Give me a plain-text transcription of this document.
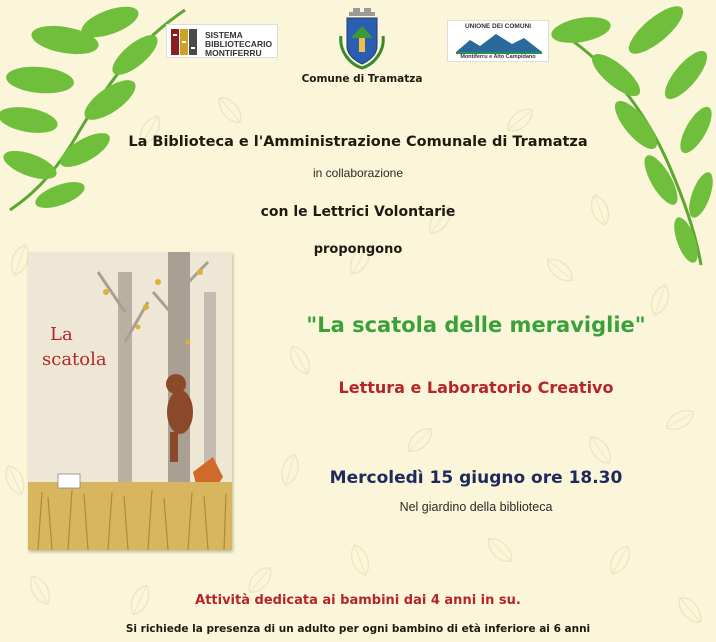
SISTEMA
BIBLIOTECARIO
MONTIFERRU
Comune di Tramatza
UNIONE DEI COMUNI
Montiferru e Alto Campidano
La Biblioteca e l'Amministrazione Comunale di Tramatza
in collaborazione
con le Lettrici Volontarie
propongono
La
scatola
"La scatola delle meraviglie"
Lettura e Laboratorio Creativo
Mercoledì 15 giugno ore 18.30
Nel giardino della biblioteca
Attività dedicata ai bambini dai 4 anni in su.
Si richiede la presenza di un adulto per ogni bambino di età inferiore ai 6 anni
